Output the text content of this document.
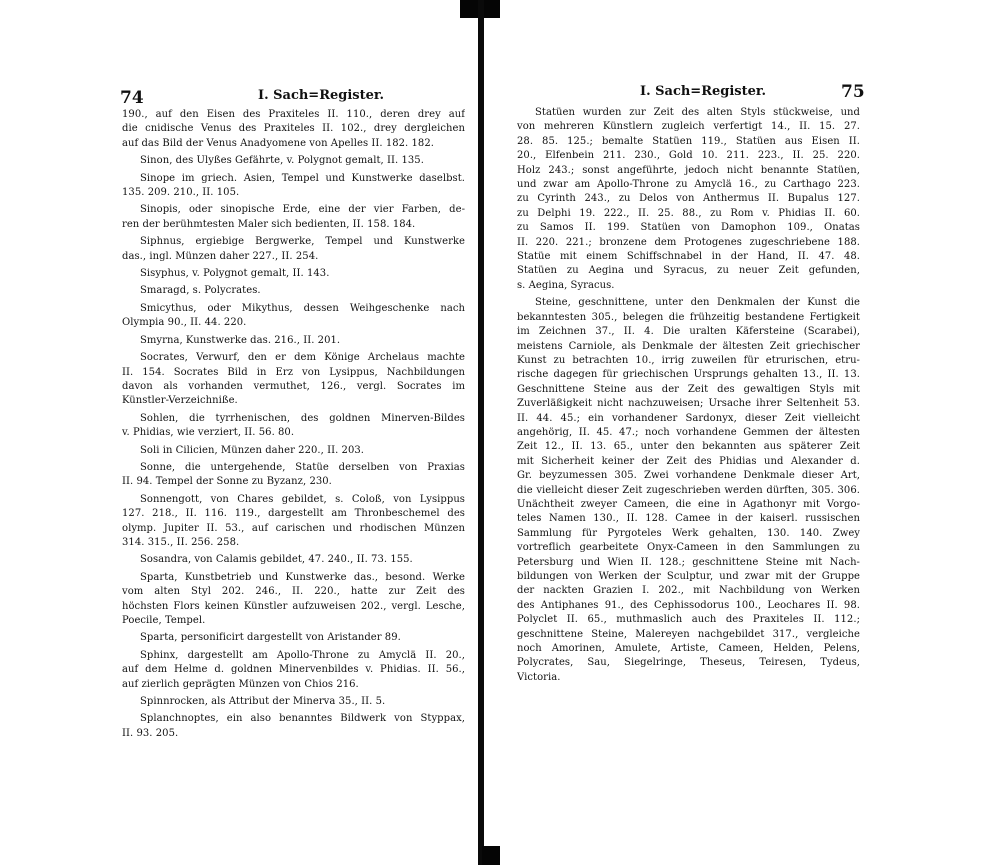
74	I. Sach=Register.
190., auf den Eisen des Praxiteles II. 110., deren drey auf
die cnidische Venus des Praxiteles II. 102., drey dergleichen
auf das Bild der Venus Anadyomene von Apelles II. 182. 182.
Sinon, des Ulyßes Gefährte, v. Polygnot gemalt, II. 135.
Sinope im griech. Asien, Tempel und Kunstwerke daselbst.
135. 209. 210., II. 105.
Sinopis, oder sinopische Erde, eine der vier Farben, de-
ren der berühmtesten Maler sich bedienten, II. 158. 184.
Siphnus, ergiebige Bergwerke, Tempel und Kunstwerke
das., ingl. Münzen daher 227., II. 254.
Sisyphus, v. Polygnot gemalt, II. 143.
Smaragd, s. Polycrates.
Smicythus, oder Mikythus, dessen Weihgeschenke nach
Olympia 90., II. 44. 220.
Smyrna, Kunstwerke das. 216., II. 201.
Socrates, Verwurf, den er dem Könige Archelaus machte
II. 154. Socrates Bild in Erz von Lysippus, Nachbildungen
davon als vorhanden vermuthet, 126., vergl. Socrates im
Künstler-Verzeichniße.
Sohlen, die tyrrhenischen, des goldnen Minerven-Bildes
v. Phidias, wie verziert, II. 56. 80.
Soli in Cilicien, Münzen daher 220., II. 203.
Sonne, die untergehende, Statüe derselben von Praxias
II. 94. Tempel der Sonne zu Byzanz, 230.
Sonnengott, von Chares gebildet, s. Coloß, von Lysippus
127. 218., II. 116. 119., dargestellt am Thronbeschemel des
olymp. Jupiter II. 53., auf carischen und rhodischen Münzen
314. 315., II. 256. 258.
Sosandra, von Calamis gebildet, 47. 240., II. 73. 155.
Sparta, Kunstbetrieb und Kunstwerke das., besond. Werke
vom alten Styl 202. 246., II. 220., hatte zur Zeit des
höchsten Flors keinen Künstler aufzuweisen 202., vergl. Lesche,
Poecile, Tempel.
Sparta, personificirt dargestellt von Aristander 89.
Sphinx, dargestellt am Apollo-Throne zu Amyclä II. 20.,
auf dem Helme d. goldnen Minervenbildes v. Phidias. II. 56.,
auf zierlich geprägten Münzen von Chios 216.
Spinnrocken, als Attribut der Minerva 35., II. 5.
Splanchnoptes, ein also benanntes Bildwerk von Styppax,
II. 93. 205.
I. Sach=Register.	75
Statüen wurden zur Zeit des alten Styls stückweise, und
von mehreren Künstlern zugleich verfertigt 14., II. 15. 27.
28. 85. 125.; bemalte Statüen 119., Statüen aus Eisen II.
20., Elfenbein 211. 230., Gold 10. 211. 223., II. 25. 220.
Holz 243.; sonst angeführte, jedoch nicht benannte Statüen,
und zwar am Apollo-Throne zu Amyclä 16., zu Carthago 223.
zu Cyrinth 243., zu Delos von Anthermus II. Bupalus 127.
zu Delphi 19. 222., II. 25. 88., zu Rom v. Phidias II. 60.
zu Samos II. 199. Statüen von Damophon 109., Onatas
II. 220. 221.; bronzene dem Protogenes zugeschriebene 188.
Statüe mit einem Schiffschnabel in der Hand, II. 47. 48.
Statüen zu Aegina und Syracus, zu neuer Zeit gefunden,
s. Aegina, Syracus.
Steine, geschnittene, unter den Denkmalen der Kunst die
bekanntesten 305., belegen die frühzeitig bestandene Fertigkeit
im Zeichnen 37., II. 4. Die uralten Käfersteine (Scarabei),
meistens Carniole, als Denkmale der ältesten Zeit griechischer
Kunst zu betrachten 10., irrig zuweilen für etrurischen, etru-
rische dagegen für griechischen Ursprungs gehalten 13., II. 13.
Geschnittene Steine aus der Zeit des gewaltigen Styls mit
Zuverläßigkeit nicht nachzuweisen; Ursache ihrer Seltenheit 53.
II. 44. 45.; ein vorhandener Sardonyx, dieser Zeit vielleicht
angehörig, II. 45. 47.; noch vorhandene Gemmen der ältesten
Zeit 12., II. 13. 65., unter den bekannten aus späterer Zeit
mit Sicherheit keiner der Zeit des Phidias und Alexander d.
Gr. beyzumessen 305. Zwei vorhandene Denkmale dieser Art,
die vielleicht dieser Zeit zugeschrieben werden dürften, 305. 306.
Unächtheit zweyer Cameen, die eine in Agathonyr mit Vorgo-
teles Namen 130., II. 128. Camee in der kaiserl. russischen
Sammlung für Pyrgoteles Werk gehalten, 130. 140. Zwey
vortreflich gearbeitete Onyx-Cameen in den Sammlungen zu
Petersburg und Wien II. 128.; geschnittene Steine mit Nach-
bildungen von Werken der Sculptur, und zwar mit der Gruppe
der nackten Grazien I. 202., mit Nachbildung von Werken
des Antiphanes 91., des Cephissodorus 100., Leochares II. 98.
Polyclet II. 65., muthmaslich auch des Praxiteles II. 112.;
geschnittene Steine, Malereyen nachgebildet 317., vergleiche
noch Amorinen, Amulete, Artiste, Cameen, Helden, Pelens,
Polycrates, Sau, Siegelringe, Theseus, Teiresen, Tydeus,
Victoria.
